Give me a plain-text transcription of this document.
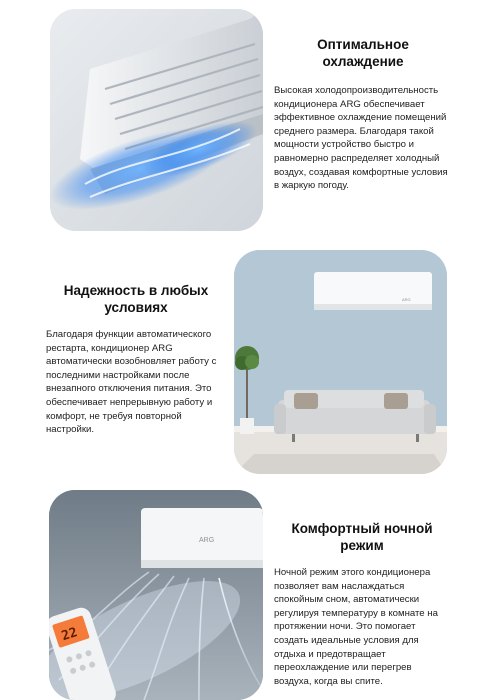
Оптимальное
охлаждение

Высокая холодопроизводительность кондиционера ARG обеспечивает эффективное охлаждение помещений среднего размера. Благодаря такой мощности устройство быстро и равномерно распределяет холодный воздух, создавая комфортные условия в жаркую погоду.

Надежность в любых
условиях

Благодаря функции автоматического рестарта, кондиционер ARG автоматически возобновляет работу с последними настройками после внезапного отключения питания. Это обеспечивает непрерывную работу и комфорт, не требуя повторной настройки.

ARG
ARG
22

Комфортный ночной
режим

Ночной режим этого кондиционера позволяет вам наслаждаться спокойным сном, автоматически регулируя температуру в комнате на протяжении ночи. Это помогает создать идеальные условия для отдыха и предотвращает переохлаждение или перегрев воздуха, когда вы спите.
